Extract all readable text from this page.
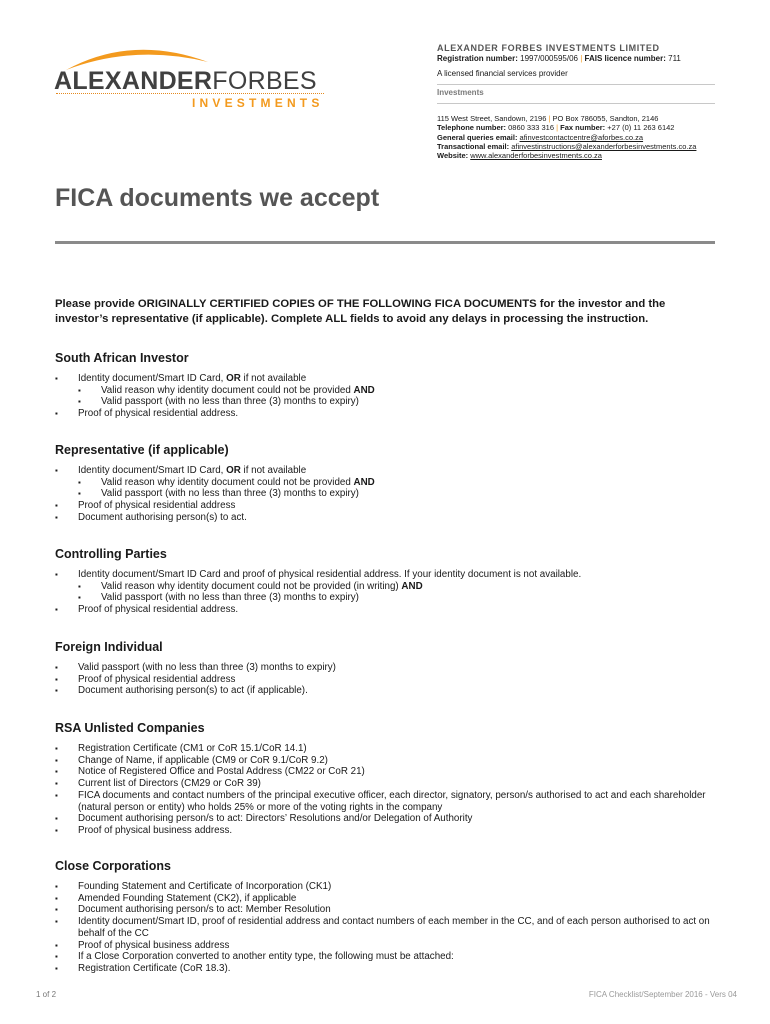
ALEXANDERFORBES
INVESTMENTS
ALEXANDER FORBES INVESTMENTS LIMITED
Registration number: 1997/000595/06 | FAIS licence number: 711
A licensed financial services provider
Investments
115 West Street, Sandown, 2196 | PO Box 786055, Sandton, 2146
Telephone number: 0860 333 316 | Fax number: +27 (0) 11 263 6142
General queries email: afinvestcontactcentre@aforbes.co.za
Transactional email: afinvestinstructions@alexanderforbesinvestments.co.za
Website: www.alexanderforbesinvestments.co.za
FICA documents we accept
Please provide ORIGINALLY CERTIFIED COPIES OF THE FOLLOWING FICA DOCUMENTS for the investor and the investor’s representative (if applicable). Complete ALL fields to avoid any delays in processing the instruction.
South African Investor
▪ Identity document/Smart ID Card, OR if not available
▪ Valid reason why identity document could not be provided AND
▪ Valid passport (with no less than three (3) months to expiry)
▪ Proof of physical residential address.
Representative (if applicable)
▪ Identity document/Smart ID Card, OR if not available
▪ Valid reason why identity document could not be provided AND
▪ Valid passport (with no less than three (3) months to expiry)
▪ Proof of physical residential address
▪ Document authorising person(s) to act.
Controlling Parties
▪ Identity document/Smart ID Card and proof of physical residential address. If your identity document is not available.
▪ Valid reason why identity document could not be provided (in writing) AND
▪ Valid passport (with no less than three (3) months to expiry)
▪ Proof of physical residential address.
Foreign Individual
▪ Valid passport (with no less than three (3) months to expiry)
▪ Proof of physical residential address
▪ Document authorising person(s) to act (if applicable).
RSA Unlisted Companies
▪ Registration Certificate (CM1 or CoR 15.1/CoR 14.1)
▪ Change of Name, if applicable (CM9 or CoR 9.1/CoR 9.2)
▪ Notice of Registered Office and Postal Address (CM22 or CoR 21)
▪ Current list of Directors (CM29 or CoR 39)
▪ FICA documents and contact numbers of the principal executive officer, each director, signatory, person/s authorised to act and each shareholder (natural person or entity) who holds 25% or more of the voting rights in the company
▪ Document authorising person/s to act: Directors’ Resolutions and/or Delegation of Authority
▪ Proof of physical business address.
Close Corporations
▪ Founding Statement and Certificate of Incorporation (CK1)
▪ Amended Founding Statement (CK2), if applicable
▪ Document authorising person/s to act: Member Resolution
▪ Identity document/Smart ID, proof of residential address and contact numbers of each member in the CC, and of each person authorised to act on behalf of the CC
▪ Proof of physical business address
▪ If a Close Corporation converted to another entity type, the following must be attached:
▪ Registration Certificate (CoR 18.3).
1 of 2	FICA Checklist/September 2016 - Vers 04
